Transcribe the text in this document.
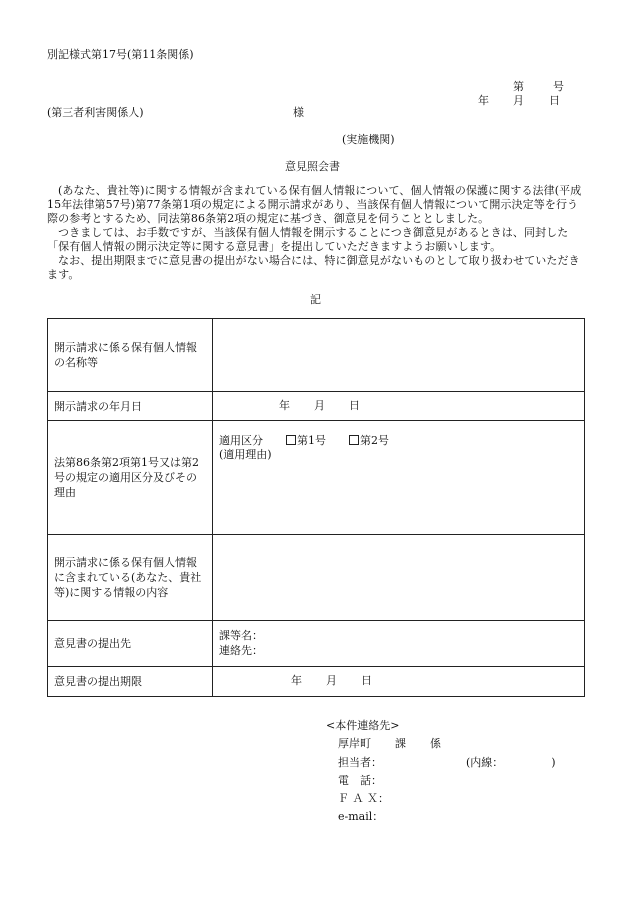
別記様式第17号(第11条関係)
第	号
年 月 日
(第三者利害関係人)	様
(実施機関)
意見照会書

(あなた、貴社等)に関する情報が含まれている保有個人情報について、個人情報の保護に関する法律(平成15年法律第57号)第77条第1項の規定による開示請求があり、当該保有個人情報について開示決定等を行う際の参考とするため、同法第86条第2項の規定に基づき、御意見を伺うこととしました。

つきましては、お手数ですが、当該保有個人情報を開示することにつき御意見があるときは、同封した「保有個人情報の開示決定等に関する意見書」を提出していただきますようお願いします。

なお、提出期限までに意見書の提出がない場合には、特に御意見がないものとして取り扱わせていただきます。

記
開示請求に係る保有個人情報の名称等	
開示請求の年月日	年 月 日
法第86条第2項第1号又は第2号の規定の適用区分及びその理由	適用区分 第1号 第2号
(適用理由)

開示請求に係る保有個人情報に含まれている(あなた、貴社等)に関する情報の内容	
意見書の提出先	課等名：
連絡先：

意見書の提出期限	年 月 日
<本件連絡先>
厚岸町 課 係
担当者：	(内線：	)
電　話：
Ｆ Ａ Ｘ：
e-mail：
